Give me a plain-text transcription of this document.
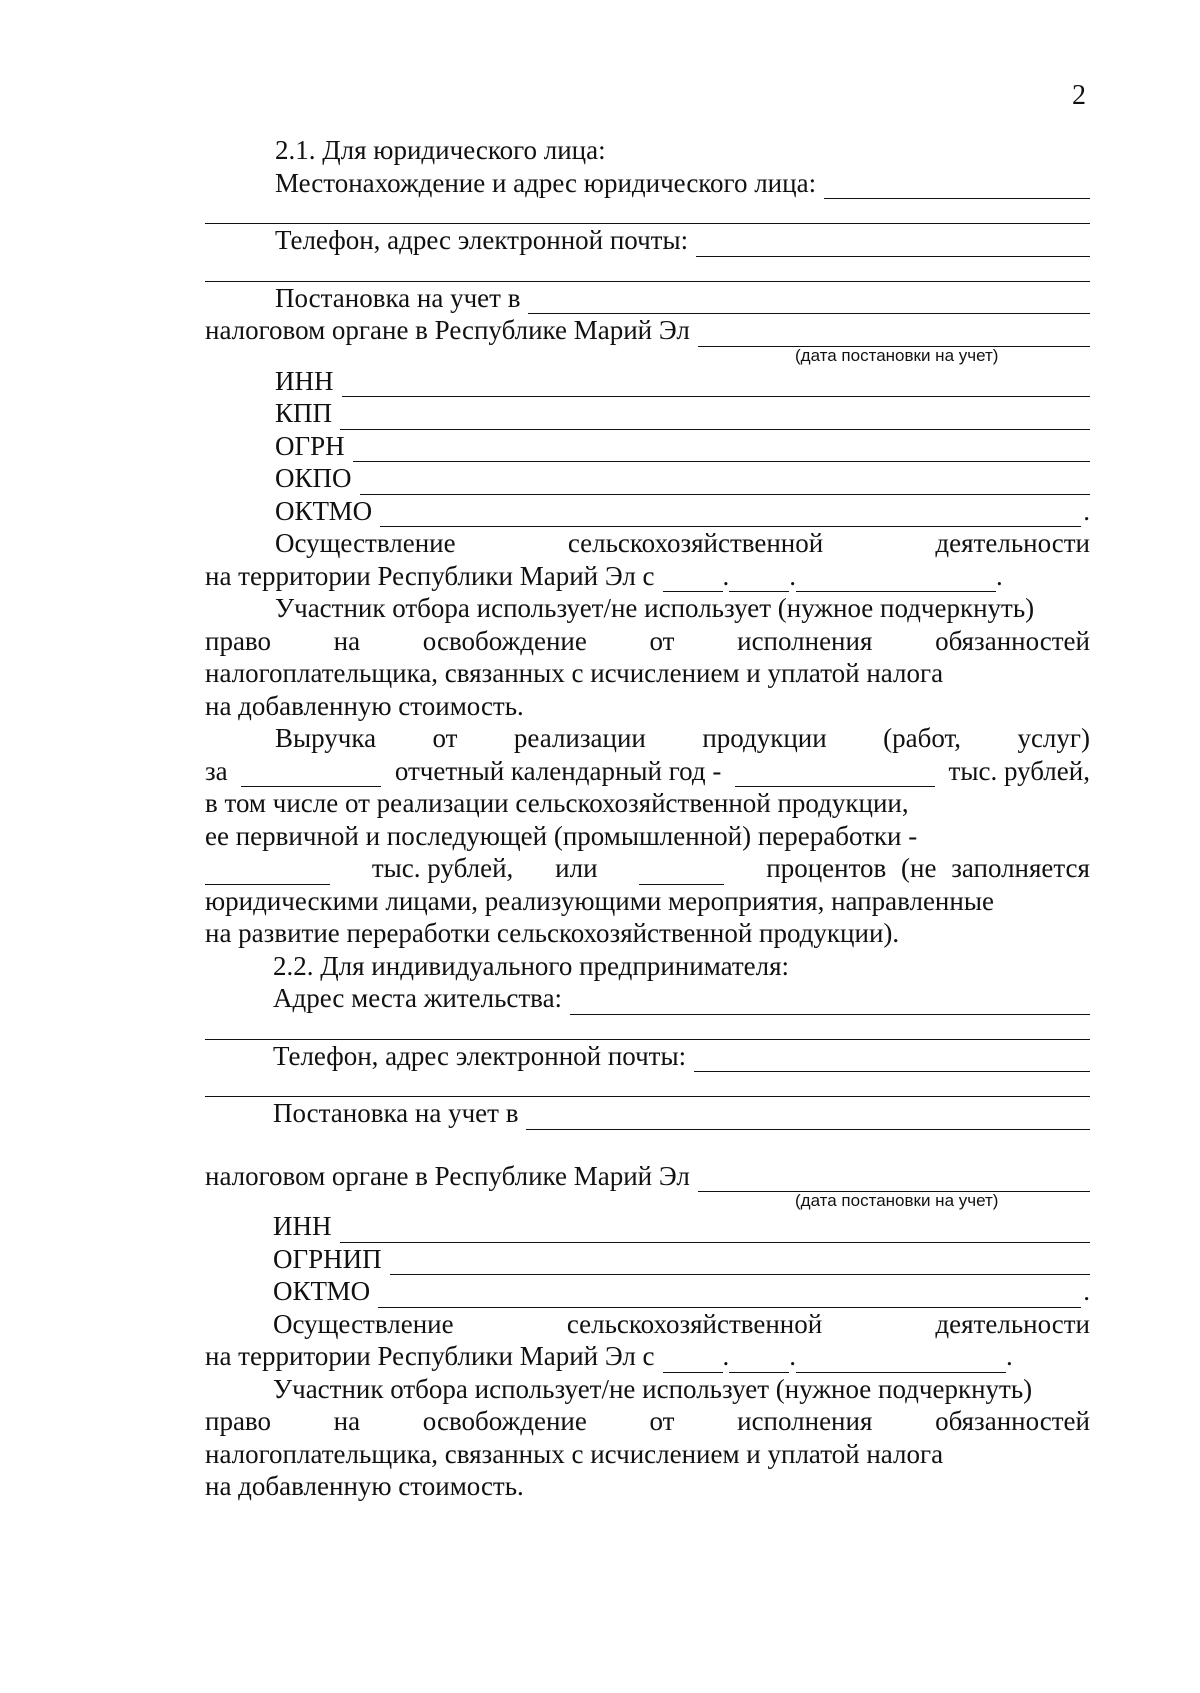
2
2.1. Для юридического лица:
Местонахождение и адрес юридического лица:
Телефон, адрес электронной почты:
Постановка на учет в
налоговом органе в Республике Марий Эл
(дата постановки на учет)
ИНН
КПП
ОГРН
ОКПО
ОКТМО	.
Осуществление	сельскохозяйственной	деятельности
на территории Республики Марий Эл с	. .	.
Участник отбора использует/не использует (нужное подчеркнуть)
право на освобождение от исполнения обязанностей
налогоплательщика, связанных с исчислением и уплатой налога
на добавленную стоимость.
Выручка от реализации продукции (работ, услуг)
за	отчетный календарный год -	тыс. рублей,
в том числе от реализации сельскохозяйственной продукции,
ее первичной и последующей (промышленной) переработки -
тыс. рублей, или	процентов (не заполняется
юридическими лицами, реализующими мероприятия, направленные
на развитие переработки сельскохозяйственной продукции).
2.2. Для индивидуального предпринимателя:
Адрес места жительства:
Телефон, адрес электронной почты:
Постановка на учет в
налоговом органе в Республике Марий Эл
(дата постановки на учет)
ИНН
ОГРНИП
ОКТМО	.
Осуществление	сельскохозяйственной	деятельности
на территории Республики Марий Эл с	. .	.
Участник отбора использует/не использует (нужное подчеркнуть)
право на освобождение от исполнения обязанностей
налогоплательщика, связанных с исчислением и уплатой налога
на добавленную стоимость.
